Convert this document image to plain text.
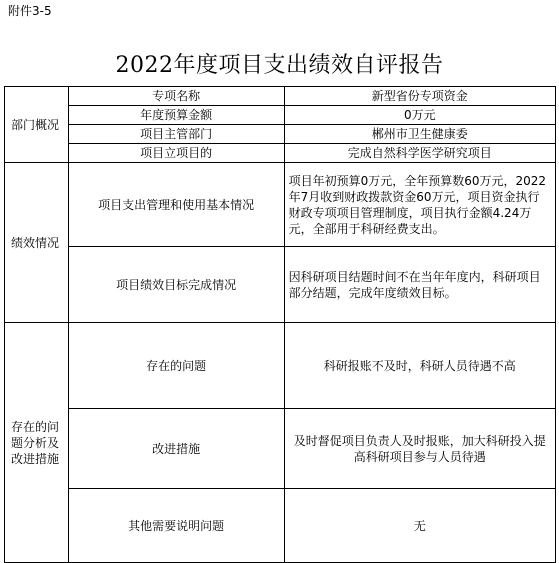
附件3-5
2022年度项目支出绩效自评报告
部门概况	专项名称	新型省份专项资金
	年度预算金额	0万元
	项目主管部门	郴州市卫生健康委
	项目立项目的	完成自然科学医学研究项目
绩效情况	项目支出管理和使用基本情况	项目年初预算0万元，全年预算数60万元，2022年7月收到财政拨款资金60万元，项目资金执行财政专项项目管理制度，项目执行金额4.24万元，全部用于科研经费支出。
	项目绩效目标完成情况	因科研项目结题时间不在当年年度内，科研项目部分结题，完成年度绩效目标。
存在的问题分析及改进措施	存在的问题	科研报账不及时，科研人员待遇不高
	改进措施	及时督促项目负责人及时报账，加大科研投入提高科研项目参与人员待遇
	其他需要说明问题	无
